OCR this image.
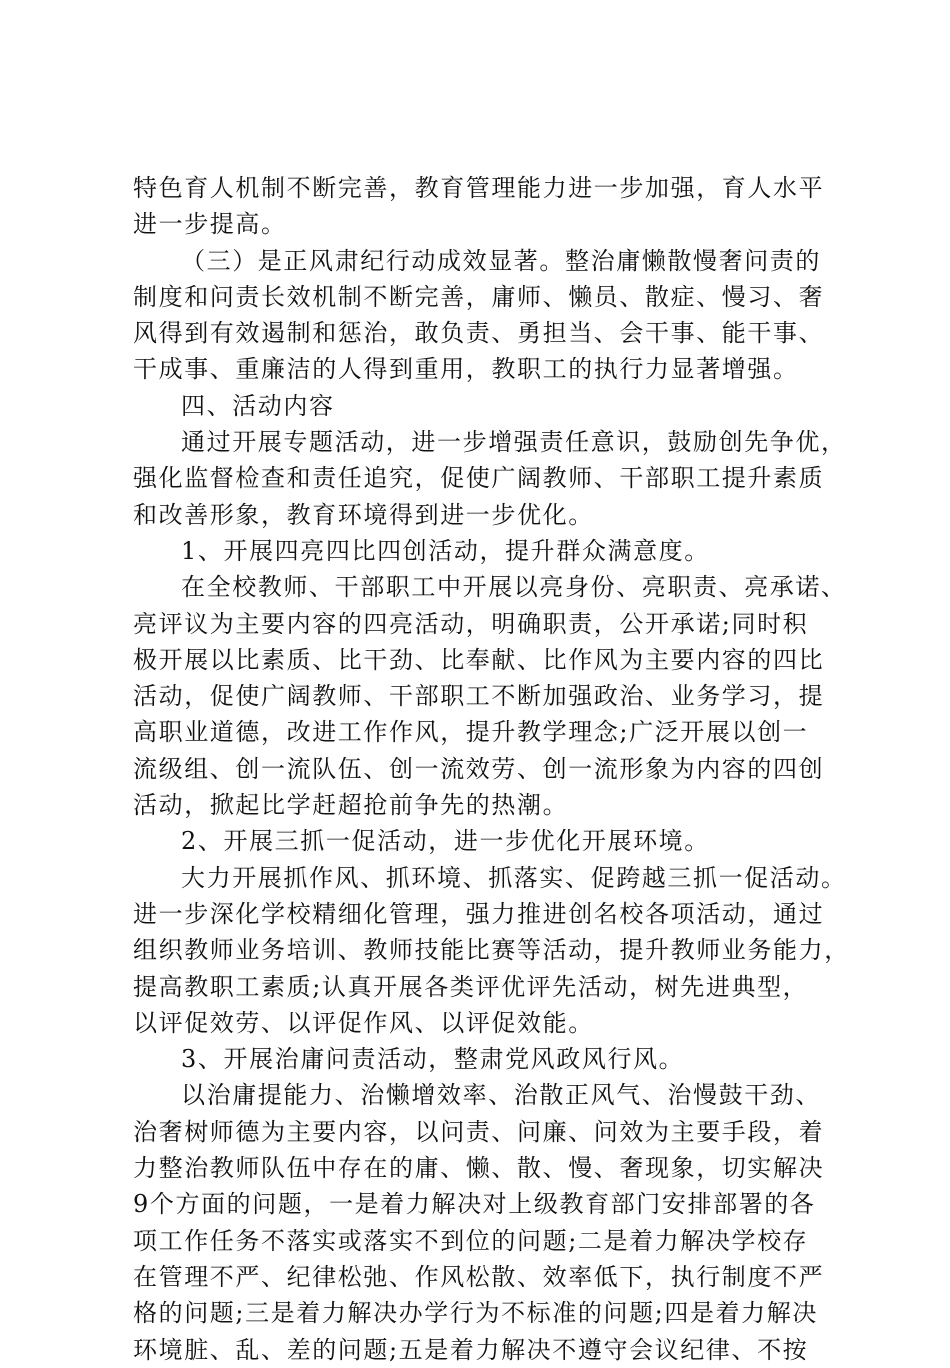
特色育人机制不断完善，教育管理能力进一步加强，育人水平
进一步提高。
（三）是正风肃纪行动成效显著。整治庸懒散慢奢问责的
制度和问责长效机制不断完善，庸师、懒员、散症、慢习、奢
风得到有效遏制和惩治，敢负责、勇担当、会干事、能干事、
干成事、重廉洁的人得到重用，教职工的执行力显著增强。
四、活动内容
通过开展专题活动，进一步增强责任意识，鼓励创先争优，
强化监督检查和责任追究，促使广阔教师、干部职工提升素质
和改善形象，教育环境得到进一步优化。
1、开展四亮四比四创活动，提升群众满意度。
在全校教师、干部职工中开展以亮身份、亮职责、亮承诺、
亮评议为主要内容的四亮活动，明确职责，公开承诺;同时积
极开展以比素质、比干劲、比奉献、比作风为主要内容的四比
活动，促使广阔教师、干部职工不断加强政治、业务学习，提
高职业道德，改进工作作风，提升教学理念;广泛开展以创一
流级组、创一流队伍、创一流效劳、创一流形象为内容的四创
活动，掀起比学赶超抢前争先的热潮。
2、开展三抓一促活动，进一步优化开展环境。
大力开展抓作风、抓环境、抓落实、促跨越三抓一促活动。
进一步深化学校精细化管理，强力推进创名校各项活动，通过
组织教师业务培训、教师技能比赛等活动，提升教师业务能力，
提高教职工素质;认真开展各类评优评先活动，树先进典型，
以评促效劳、以评促作风、以评促效能。
3、开展治庸问责活动，整肃党风政风行风。
以治庸提能力、治懒增效率、治散正风气、治慢鼓干劲、
治奢树师德为主要内容，以问责、问廉、问效为主要手段，着
力整治教师队伍中存在的庸、懒、散、慢、奢现象，切实解决
9个方面的问题，一是着力解决对上级教育部门安排部署的各
项工作任务不落实或落实不到位的问题;二是着力解决学校存
在管理不严、纪律松弛、作风松散、效率低下，执行制度不严
格的问题;三是着力解决办学行为不标准的问题;四是着力解决
环境脏、乱、差的问题;五是着力解决不遵守会议纪律、不按
